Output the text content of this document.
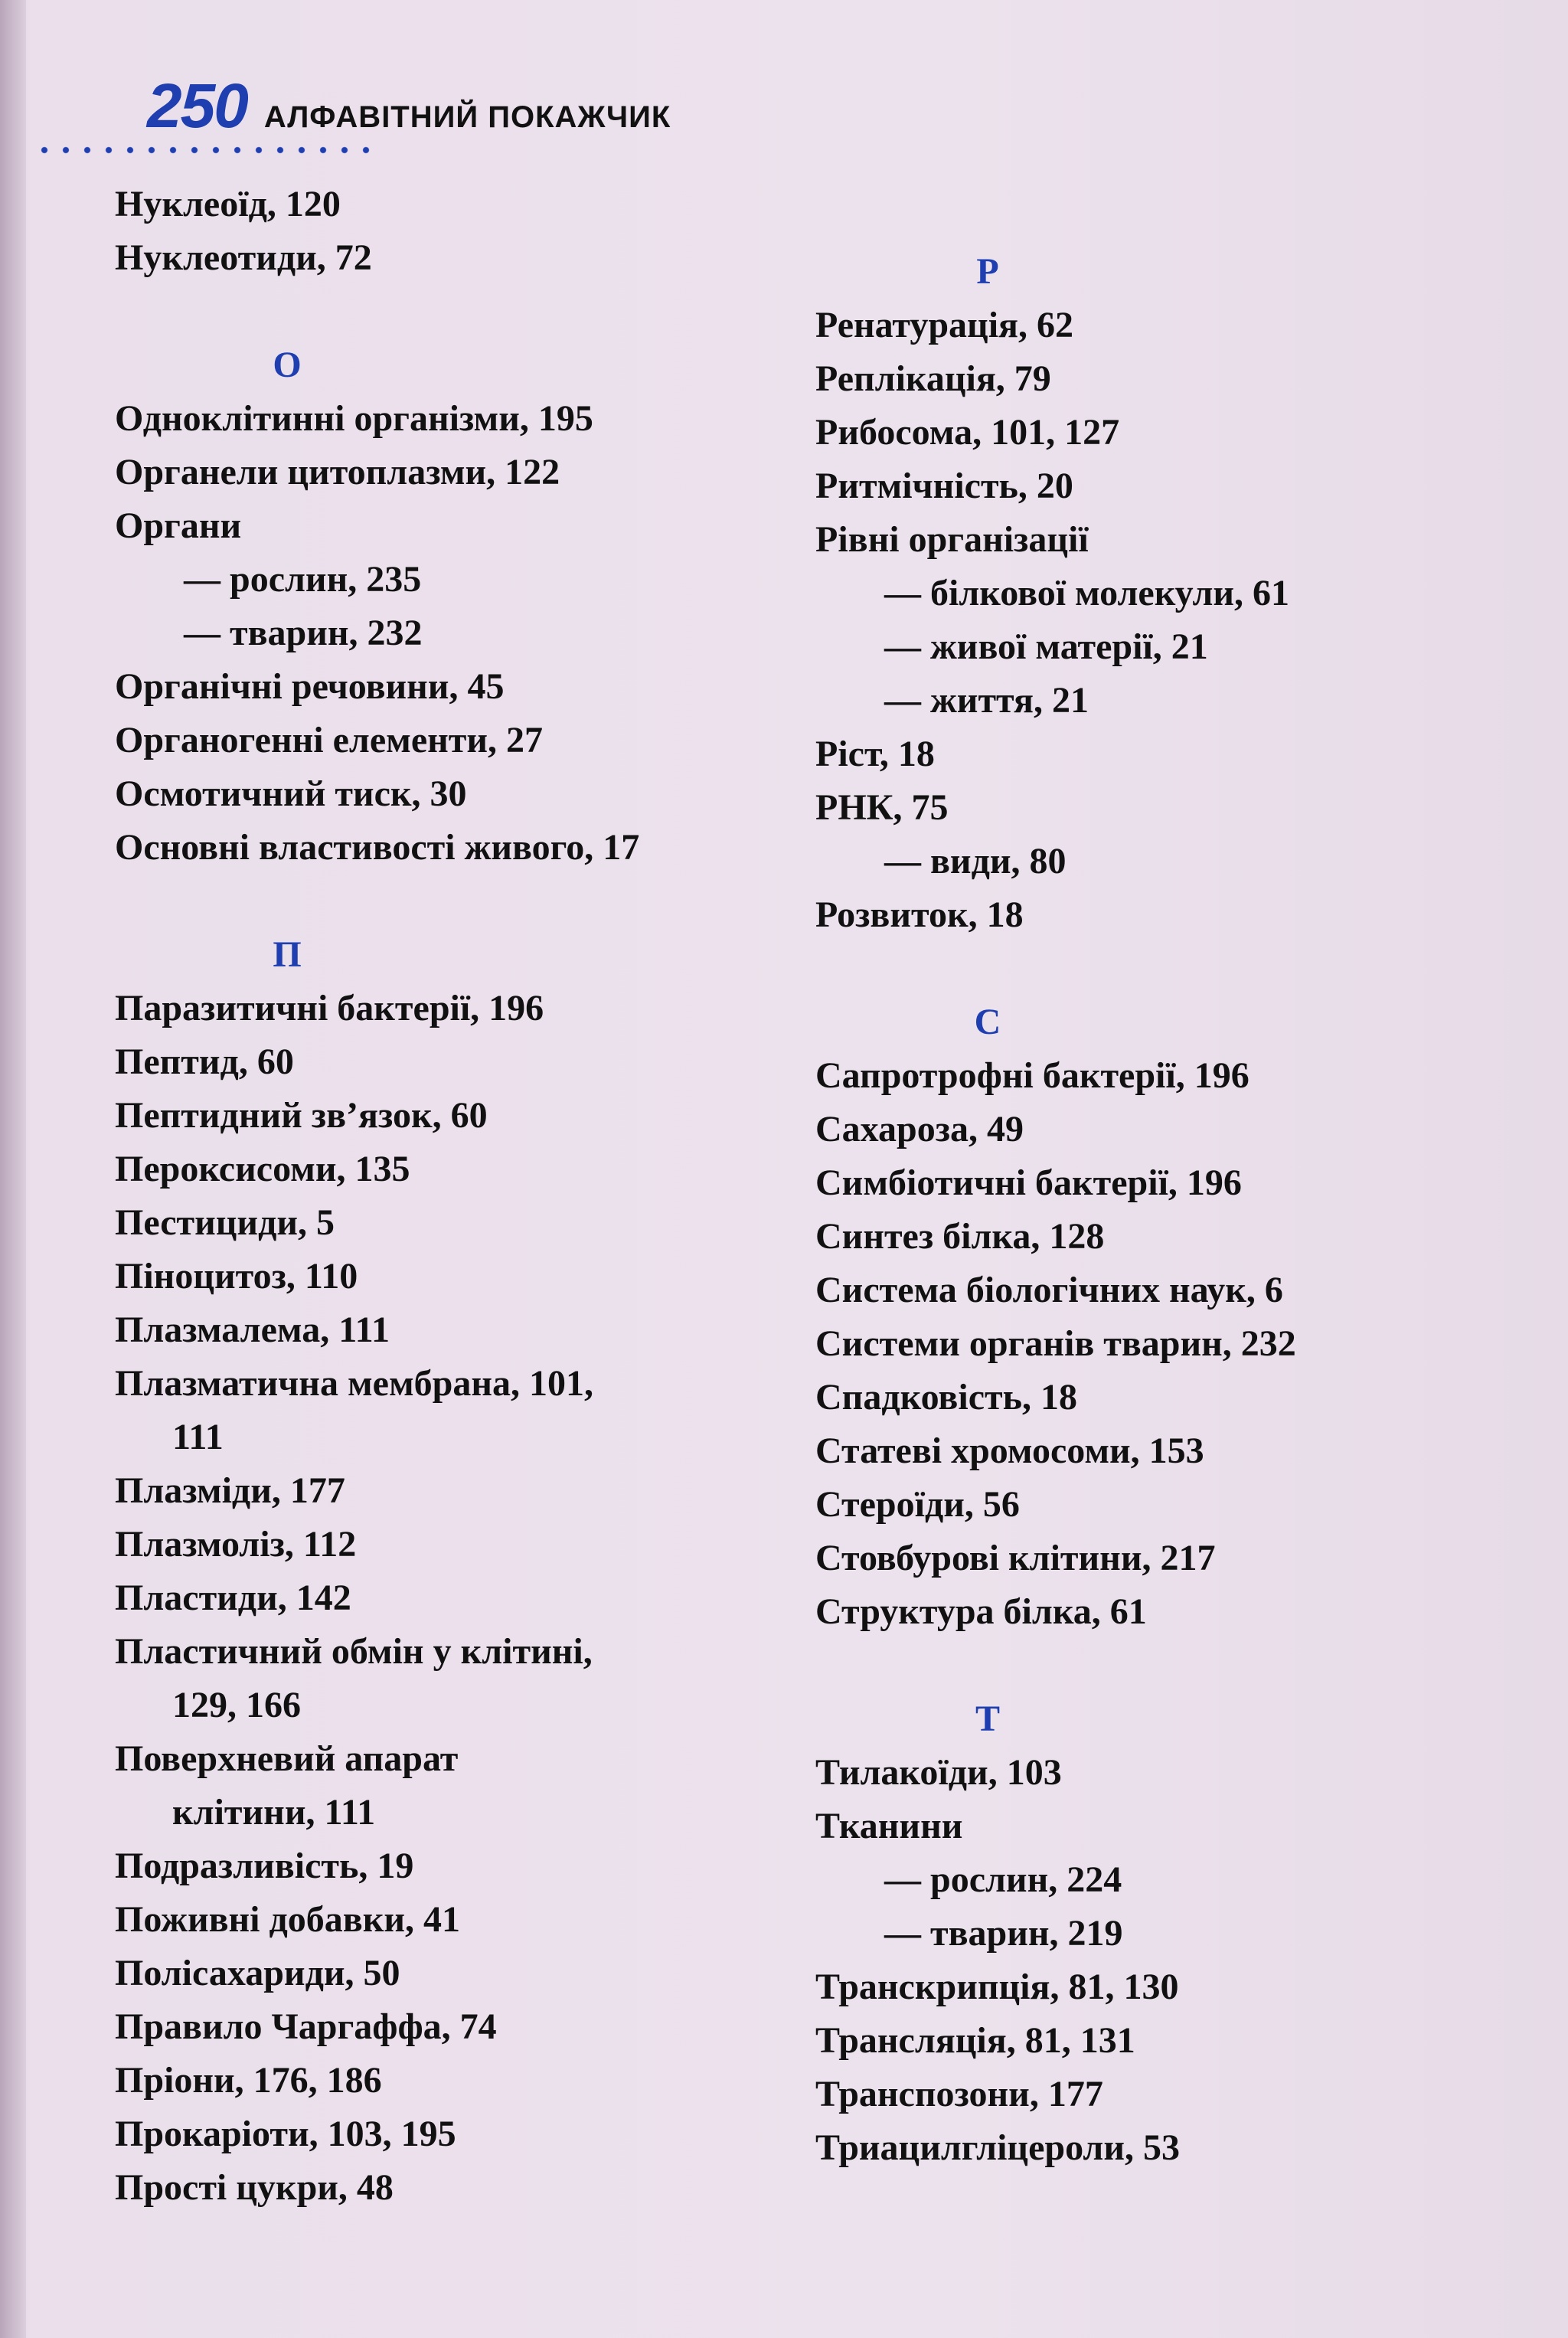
250 АЛФАВІТНИЙ ПОКАЖЧИК
Нуклеоїд, 120
Нуклеотиди, 72
О
Одноклітинні організми, 195
Органели цитоплазми, 122
Органи
— рослин, 235
— тварин, 232
Органічні речовини, 45
Органогенні елементи, 27
Осмотичний тиск, 30
Основні властивості живого, 17
П
Паразитичні бактерії, 196
Пептид, 60
Пептидний зв’язок, 60
Пероксисоми, 135
Пестициди, 5
Піноцитоз, 110
Плазмалема, 111
Плазматична мембрана, 101,
111
Плазміди, 177
Плазмоліз, 112
Пластиди, 142
Пластичний обмін у клітині,
129, 166
Поверхневий апарат
клітини, 111
Подразливість, 19
Поживні добавки, 41
Полісахариди, 50
Правило Чаргаффа, 74
Пріони, 176, 186
Прокаріоти, 103, 195
Прості цукри, 48
Р
Ренатурація, 62
Реплікація, 79
Рибосома, 101, 127
Ритмічність, 20
Рівні організації
— білкової молекули, 61
— живої матерії, 21
— життя, 21
Ріст, 18
РНК, 75
— види, 80
Розвиток, 18
С
Сапротрофні бактерії, 196
Сахароза, 49
Симбіотичні бактерії, 196
Синтез білка, 128
Система біологічних наук, 6
Системи органів тварин, 232
Спадковість, 18
Статеві хромосоми, 153
Стероїди, 56
Стовбурові клітини, 217
Структура білка, 61
Т
Тилакоїди, 103
Тканини
— рослин, 224
— тварин, 219
Транскрипція, 81, 130
Трансляція, 81, 131
Транспозони, 177
Триацилгліцероли, 53
